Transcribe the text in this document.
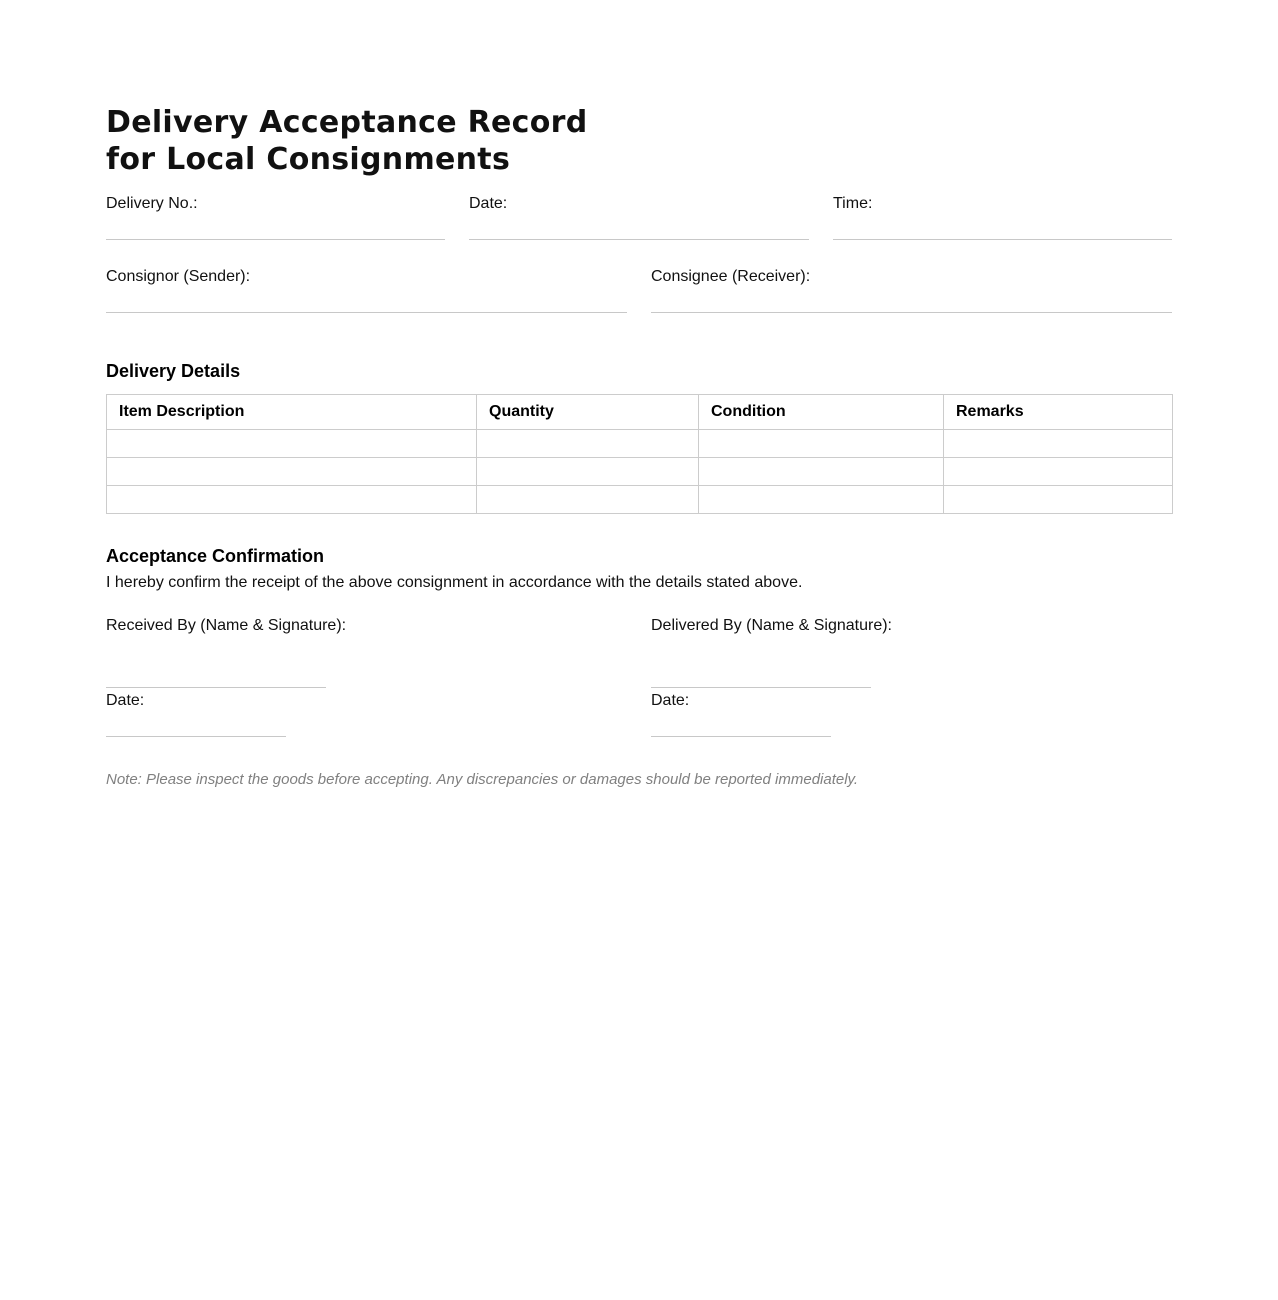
Delivery Acceptance Record
for Local Consignments
Delivery No.:	Date:	Time:
Consignor (Sender):	Consignee (Receiver):
Delivery Details
Item Description	Quantity	Condition	Remarks

Acceptance Confirmation
I hereby confirm the receipt of the above consignment in accordance with the details stated above.
Received By (Name & Signature):
Date:
Delivered By (Name & Signature):
Date:
Note: Please inspect the goods before accepting. Any discrepancies or damages should be reported immediately.
